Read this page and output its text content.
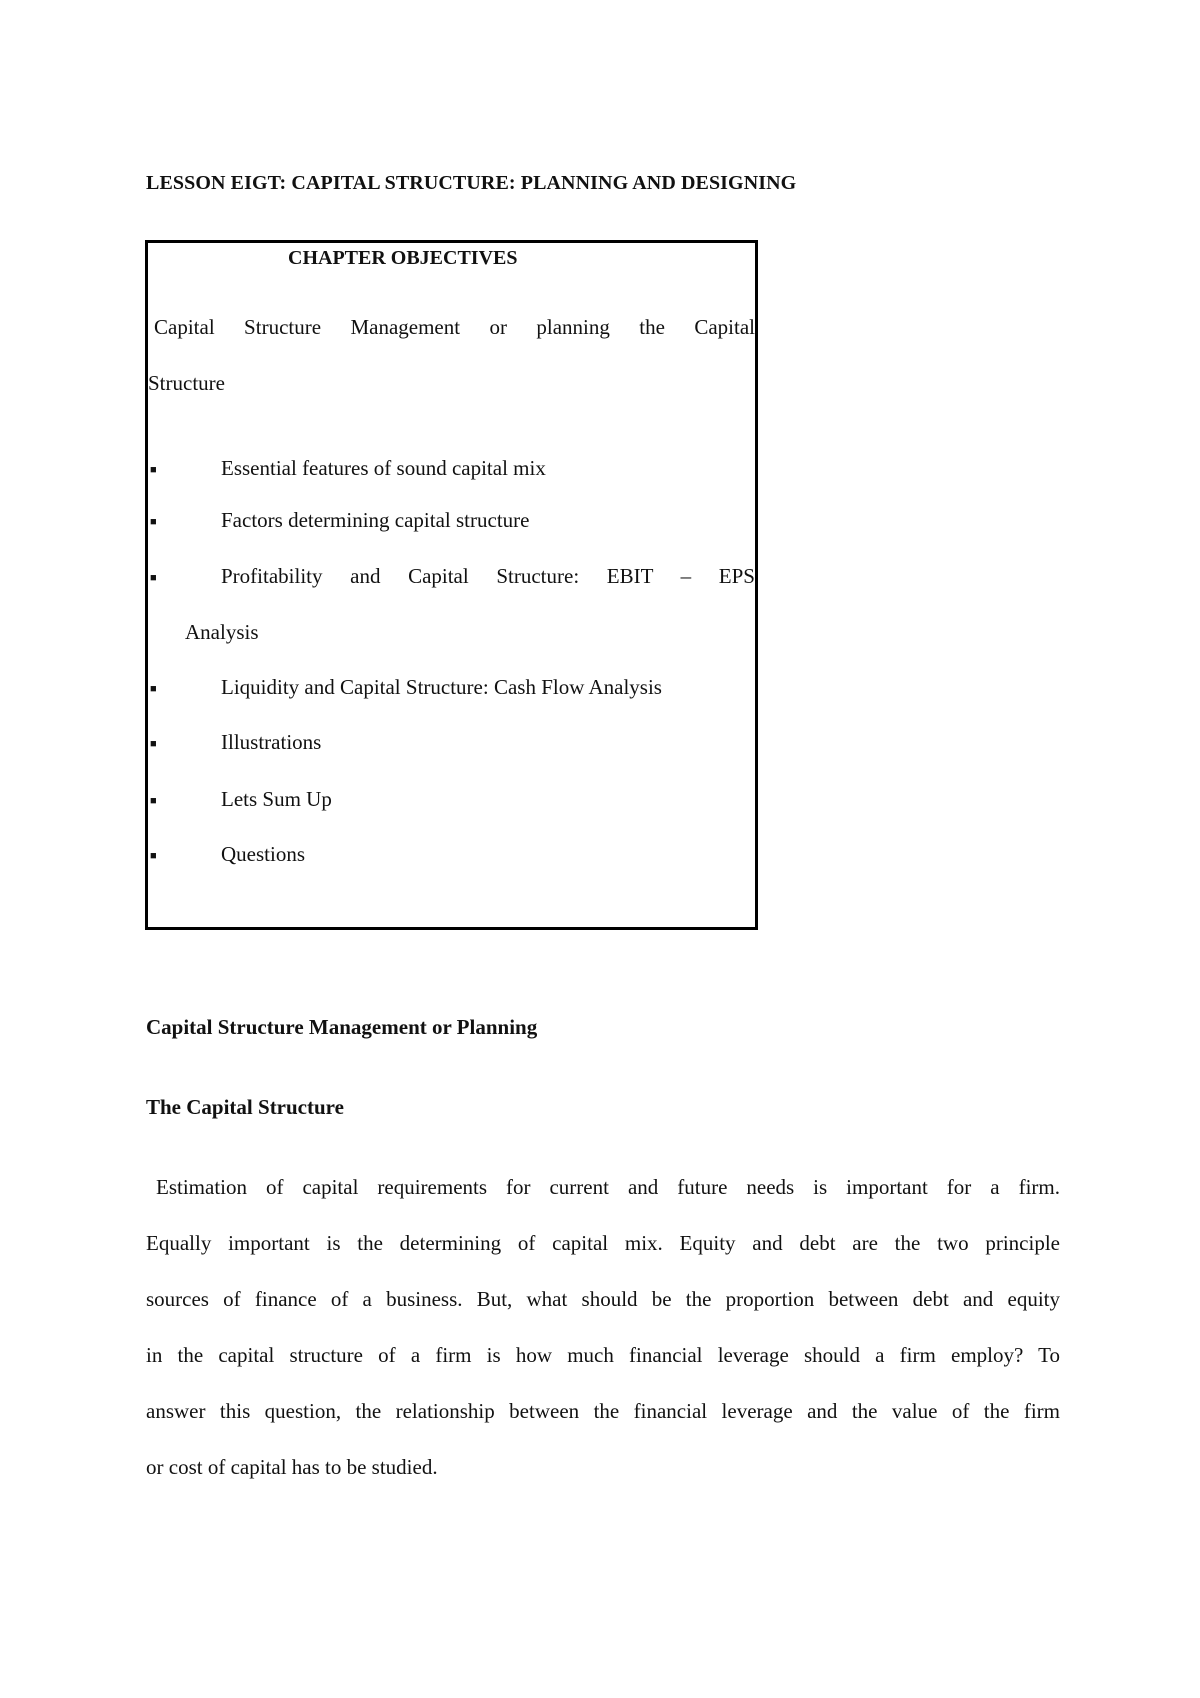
LESSON EIGT: CAPITAL STRUCTURE: PLANNING AND DESIGNING
CHAPTER OBJECTIVES
Capital Structure Management or planning the Capital
Structure
■	Essential features of sound capital mix
■	Factors determining capital structure
■	Profitability and Capital Structure: EBIT – EPS
Analysis
■	Liquidity and Capital Structure: Cash Flow Analysis
■	Illustrations
■	Lets Sum Up
■	Questions
Capital Structure Management or Planning
The Capital Structure
Estimation of capital requirements for current and future needs is important for a firm.
Equally important is the determining of capital mix. Equity and debt are the two principle
sources of finance of a business. But, what should be the proportion between debt and equity
in the capital structure of a firm is how much financial leverage should a firm employ? To
answer this question, the relationship between the financial leverage and the value of the firm
or cost of capital has to be studied.
